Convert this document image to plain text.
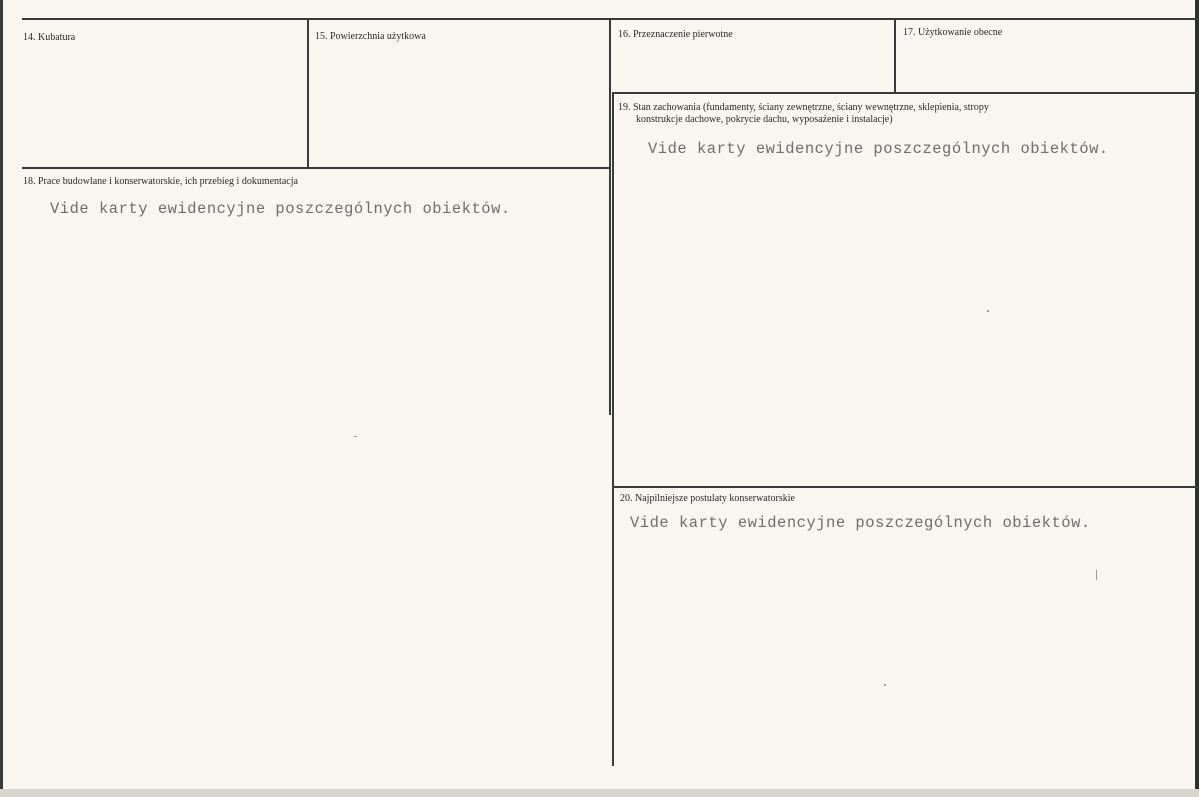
14. Kubatura	15. Powierzchnia użytkowa	16. Przeznaczenie pierwotne	17. Użytkowanie obecne
19. Stan zachowania (fundamenty, ściany zewnętrzne, ściany wewnętrzne, sklepienia, stropy
konstrukcje dachowe, pokrycie dachu, wyposażenie i instalacje)
Vide karty ewidencyjne poszczególnych obiektów.
18. Prace budowlane i konserwatorskie, ich przebieg i dokumentacja
Vide karty ewidencyjne poszczególnych obiektów.
20. Najpilniejsze postulaty konserwatorskie
Vide karty ewidencyjne poszczególnych obiektów.
